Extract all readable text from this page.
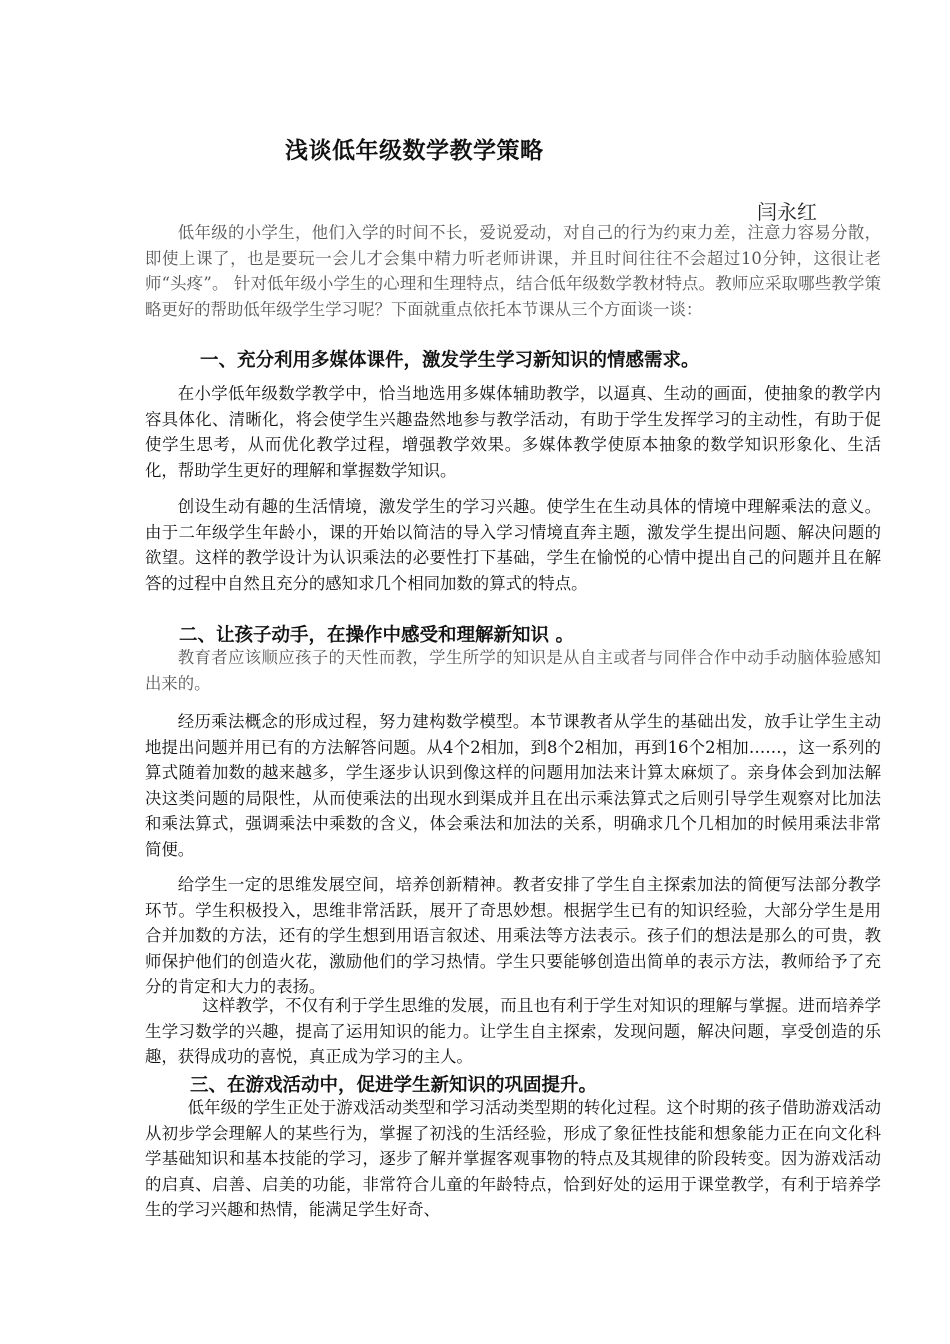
浅谈低年级数学教学策略
闫永红

低年级的小学生，他们入学的时间不长，爱说爱动，对自己的行为约束力差，注意力容易分散，即使上课了，也是要玩一会儿才会集中精力听老师讲课，并且时间往往不会超过10分钟，这很让老师“头疼”。 针对低年级小学生的心理和生理特点，结合低年级数学教材特点。教师应采取哪些教学策略更好的帮助低年级学生学习呢？下面就重点依托本节课从三个方面谈一谈：

一、充分利用多媒体课件，激发学生学习新知识的情感需求。

在小学低年级数学教学中，恰当地选用多媒体辅助教学，以逼真、生动的画面，使抽象的教学内容具体化、清晰化，将会使学生兴趣盎然地参与教学活动，有助于学生发挥学习的主动性，有助于促使学生思考，从而优化教学过程，增强教学效果。多媒体教学使原本抽象的数学知识形象化、生活化，帮助学生更好的理解和掌握数学知识。

创设生动有趣的生活情境，激发学生的学习兴趣。使学生在生动具体的情境中理解乘法的意义。由于二年级学生年龄小，课的开始以简洁的导入学习情境直奔主题，激发学生提出问题、解决问题的欲望。这样的教学设计为认识乘法的必要性打下基础，学生在愉悦的心情中提出自己的问题并且在解答的过程中自然且充分的感知求几个相同加数的算式的特点。

二、让孩子动手，在操作中感受和理解新知识 。

教育者应该顺应孩子的天性而教，学生所学的知识是从自主或者与同伴合作中动手动脑体验感知出来的。

经历乘法概念的形成过程，努力建构数学模型。本节课教者从学生的基础出发，放手让学生主动地提出问题并用已有的方法解答问题。从4个2相加，到8个2相加，再到16个2相加……，这一系列的算式随着加数的越来越多，学生逐步认识到像这样的问题用加法来计算太麻烦了。亲身体会到加法解决这类问题的局限性，从而使乘法的出现水到渠成并且在出示乘法算式之后则引导学生观察对比加法和乘法算式，强调乘法中乘数的含义，体会乘法和加法的关系，明确求几个几相加的时候用乘法非常简便。

给学生一定的思维发展空间，培养创新精神。教者安排了学生自主探索加法的简便写法部分教学环节。学生积极投入，思维非常活跃，展开了奇思妙想。根据学生已有的知识经验，大部分学生是用合并加数的方法，还有的学生想到用语言叙述、用乘法等方法表示。孩子们的想法是那么的可贵，教师保护他们的创造火花，激励他们的学习热情。学生只要能够创造出简单的表示方法，教师给予了充分的肯定和大力的表扬。

这样教学，不仅有利于学生思维的发展，而且也有利于学生对知识的理解与掌握。进而培养学生学习数学的兴趣，提高了运用知识的能力。让学生自主探索，发现问题，解决问题，享受创造的乐趣，获得成功的喜悦，真正成为学习的主人。

三、在游戏活动中，促进学生新知识的巩固提升。

低年级的学生正处于游戏活动类型和学习活动类型期的转化过程。这个时期的孩子借助游戏活动从初步学会理解人的某些行为，掌握了初浅的生活经验，形成了象征性技能和想象能力正在向文化科学基础知识和基本技能的学习，逐步了解并掌握客观事物的特点及其规律的阶段转变。因为游戏活动的启真、启善、启美的功能，非常符合儿童的年龄特点，恰到好处的运用于课堂教学，有利于培养学生的学习兴趣和热情，能满足学生好奇、
